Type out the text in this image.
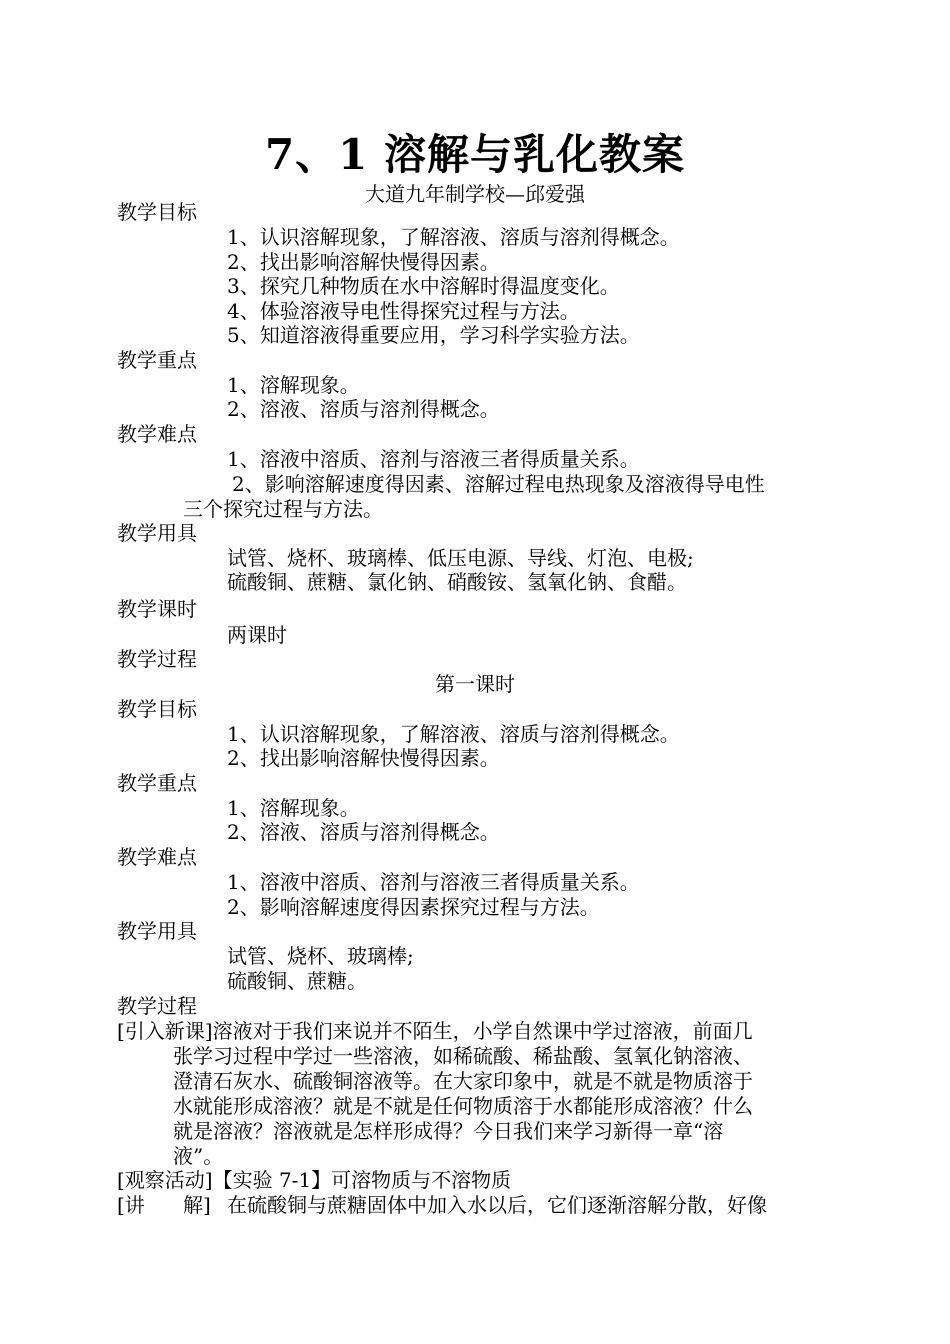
7、1 溶解与乳化教案
大道九年制学校—邱爱强
教学目标
1、认识溶解现象，了解溶液、溶质与溶剂得概念。
2、找出影响溶解快慢得因素。
3、探究几种物质在水中溶解时得温度变化。
4、体验溶液导电性得探究过程与方法。
5、知道溶液得重要应用，学习科学实验方法。
教学重点
1、溶解现象。
2、溶液、溶质与溶剂得概念。
教学难点
1、溶液中溶质、溶剂与溶液三者得质量关系。
2、影响溶解速度得因素、溶解过程电热现象及溶液得导电性
三个探究过程与方法。
教学用具
试管、烧杯、玻璃棒、低压电源、导线、灯泡、电极;
硫酸铜、蔗糖、氯化钠、硝酸铵、氢氧化钠、食醋。
教学课时
两课时
教学过程
第一课时
教学目标
1、认识溶解现象，了解溶液、溶质与溶剂得概念。
2、找出影响溶解快慢得因素。
教学重点
1、溶解现象。
2、溶液、溶质与溶剂得概念。
教学难点
1、溶液中溶质、溶剂与溶液三者得质量关系。
2、影响溶解速度得因素探究过程与方法。
教学用具
试管、烧杯、玻璃棒;
硫酸铜、蔗糖。
教学过程
[引入新课]溶液对于我们来说并不陌生，小学自然课中学过溶液，前面几
张学习过程中学过一些溶液，如稀硫酸、稀盐酸、氢氧化钠溶液、
澄清石灰水、硫酸铜溶液等。在大家印象中，就是不就是物质溶于
水就能形成溶液？就是不就是任何物质溶于水都能形成溶液？什么
就是溶液？溶液就是怎样形成得？今日我们来学习新得一章“溶
液”。
[观察活动]【实验 7-1】可溶物质与不溶物质
[讲      解] 在硫酸铜与蔗糖固体中加入水以后，它们逐渐溶解分散，好像
